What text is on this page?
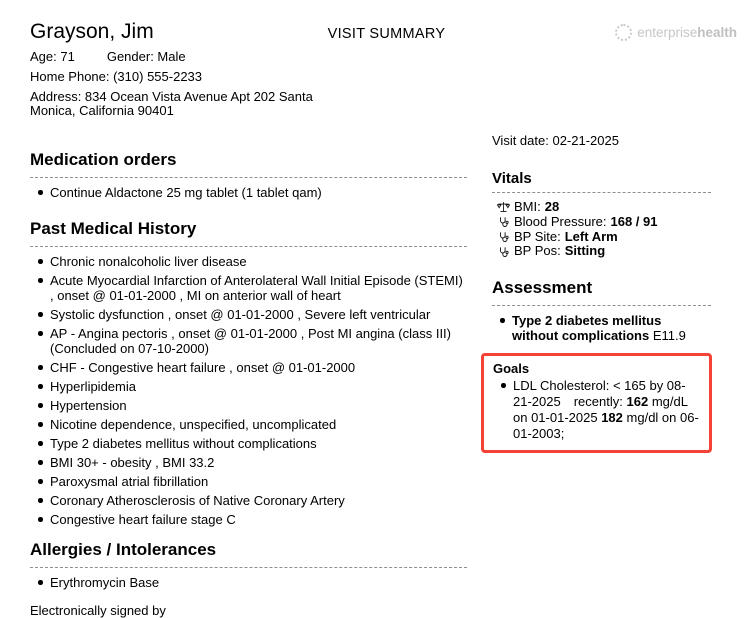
Grayson, Jim	VISIT SUMMARY	enterprisehealth
Age: 71 Gender: Male
Home Phone: (310) 555-2233
Address: 834 Ocean Vista Avenue Apt 202 Santa Monica, California 90401
Medication orders
Continue Aldactone 25 mg tablet (1 tablet qam)
Past Medical History
Chronic nonalcoholic liver disease
Acute Myocardial Infarction of Anterolateral Wall Initial Episode (STEMI) , onset @ 01-01-2000 , MI on anterior wall of heart
Systolic dysfunction , onset @ 01-01-2000 , Severe left ventricular
AP - Angina pectoris , onset @ 01-01-2000 , Post MI angina (class III) (Concluded on 07-10-2000)
CHF - Congestive heart failure , onset @ 01-01-2000
Hyperlipidemia
Hypertension
Nicotine dependence, unspecified, uncomplicated
Type 2 diabetes mellitus without complications
BMI 30+ - obesity , BMI 33.2
Paroxysmal atrial fibrillation
Coronary Atherosclerosis of Native Coronary Artery
Congestive heart failure stage C
Allergies / Intolerances
Erythromycin Base
Electronically signed by
Visit date: 02-21-2025
Vitals
BMI: 28
Blood Pressure: 168 / 91
BP Site: Left Arm
BP Pos: Sitting
Assessment
Type 2 diabetes mellitus without complications E11.9
Goals
LDL Cholesterol: < 165 by 08-21-2025 recently: 162 mg/dL on 01-01-2025 182 mg/dl on 06-01-2003;
